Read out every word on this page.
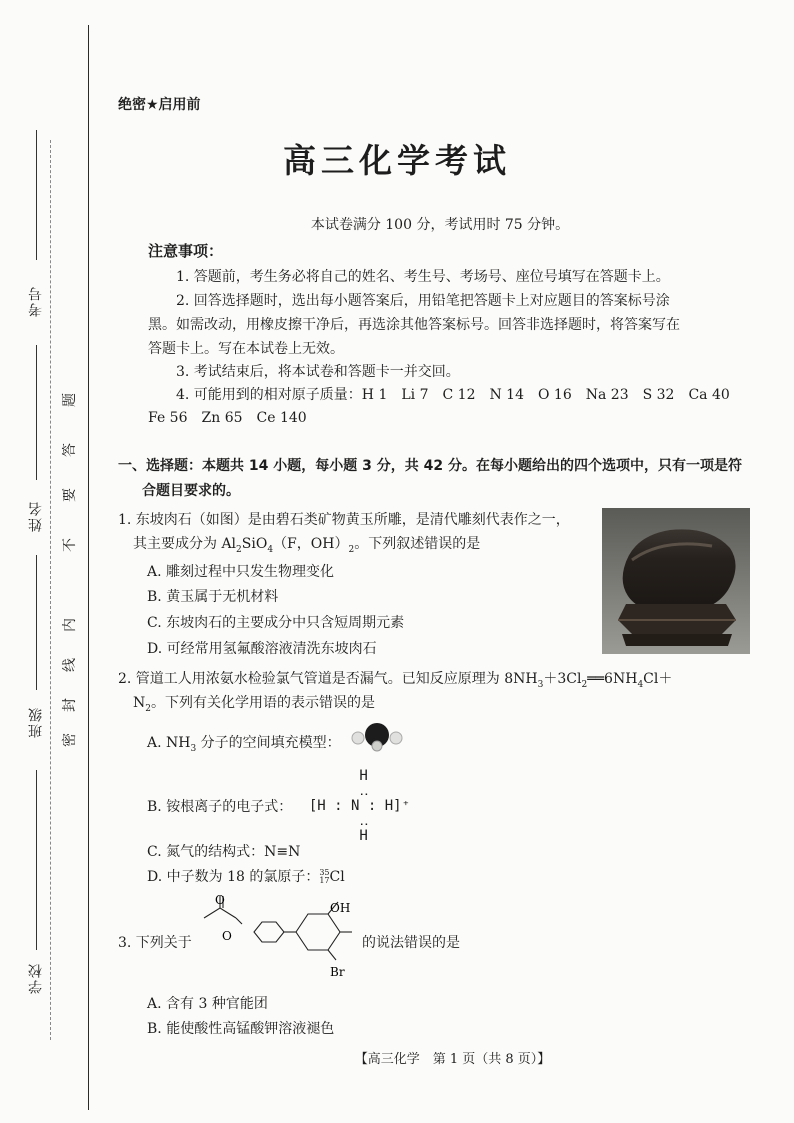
考号
姓名
班级
学校
密
封
线
内
不
要
答
题
绝密★启用前
高三化学考试
本试卷满分 100 分，考试用时 75 分钟。
注意事项：
1. 答题前，考生务必将自己的姓名、考生号、考场号、座位号填写在答题卡上。
2. 回答选择题时，选出每小题答案后，用铅笔把答题卡上对应题目的答案标号涂
黑。如需改动，用橡皮擦干净后，再选涂其他答案标号。回答非选择题时，将答案写在
答题卡上。写在本试卷上无效。
3. 考试结束后，将本试卷和答题卡一并交回。
4. 可能用到的相对原子质量：H 1　Li 7　C 12　N 14　O 16　Na 23　S 32　Ca 40
Fe 56　Zn 65　Ce 140
一、选择题：本题共 14 小题，每小题 3 分，共 42 分。在每小题给出的四个选项中，只有一项是符
合题目要求的。
1. 东坡肉石（如图）是由碧石类矿物黄玉所雕，是清代雕刻代表作之一，
其主要成分为 $Al_2SiO_4(F$，$OH)_2$。下列叙述错误的是
A. 雕刻过程中只发生物理变化
B. 黄玉属于无机材料
C. 东坡肉石的主要成分中只含短周期元素
D. 可经常用氢氟酸溶液清洗东坡肉石
2. 管道工人用浓氨水检验氯气管道是否漏气。已知反应原理为 $8NH_3+3Cl_2══6NH_4Cl+$
$N_2$。下列有关化学用语的表示错误的是
A. $NH_3$ 分子的空间填充模型：
B. 铵根离子的电子式：
H
‥
[H : N : H]⁺
‥
H
C. 氮气的结构式：N≡N
D. 中子数为 18 的氯原子：35
17Cl
3. 下列关于
O
O
OH
Br
的说法错误的是
A. 含有 3 种官能团
B. 能使酸性高锰酸钾溶液褪色
【高三化学　第 1 页（共 8 页）】
